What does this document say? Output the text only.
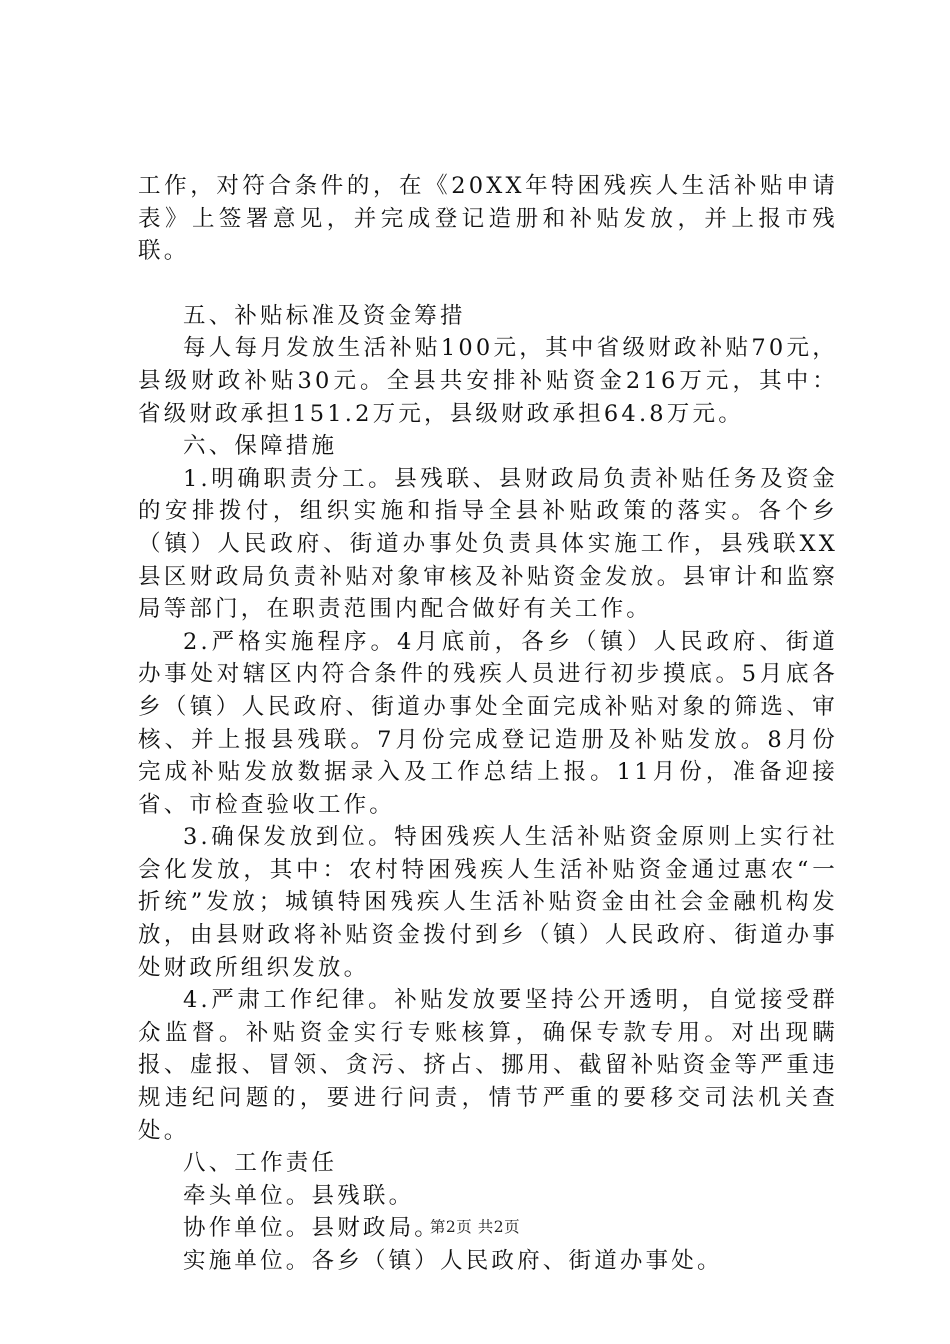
工作，对符合条件的，在《20XX年特困残疾人生活补贴申请表》上签署意见，并完成登记造册和补贴发放，并上报市残联。

五、补贴标准及资金筹措

每人每月发放生活补贴100元，其中省级财政补贴70元，县级财政补贴30元。全县共安排补贴资金216万元，其中：省级财政承担151.2万元，县级财政承担64.8万元。

六、保障措施

1.明确职责分工。县残联、县财政局负责补贴任务及资金的安排拨付，组织实施和指导全县补贴政策的落实。各个乡（镇）人民政府、街道办事处负责具体实施工作，县残联XX县区财政局负责补贴对象审核及补贴资金发放。县审计和监察局等部门，在职责范围内配合做好有关工作。

2.严格实施程序。4月底前，各乡（镇）人民政府、街道办事处对辖区内符合条件的残疾人员进行初步摸底。5月底各乡（镇）人民政府、街道办事处全面完成补贴对象的筛选、审核、并上报县残联。7月份完成登记造册及补贴发放。8月份完成补贴发放数据录入及工作总结上报。11月份，准备迎接省、市检查验收工作。

3.确保发放到位。特困残疾人生活补贴资金原则上实行社会化发放，其中：农村特困残疾人生活补贴资金通过惠农“一折统”发放；城镇特困残疾人生活补贴资金由社会金融机构发放，由县财政将补贴资金拨付到乡（镇）人民政府、街道办事处财政所组织发放。

4.严肃工作纪律。补贴发放要坚持公开透明，自觉接受群众监督。补贴资金实行专账核算，确保专款专用。对出现瞒报、虚报、冒领、贪污、挤占、挪用、截留补贴资金等严重违规违纪问题的，要进行问责，情节严重的要移交司法机关查处。

八、工作责任

牵头单位。县残联。

协作单位。县财政局。

实施单位。各乡（镇）人民政府、街道办事处。

第2页 共2页
